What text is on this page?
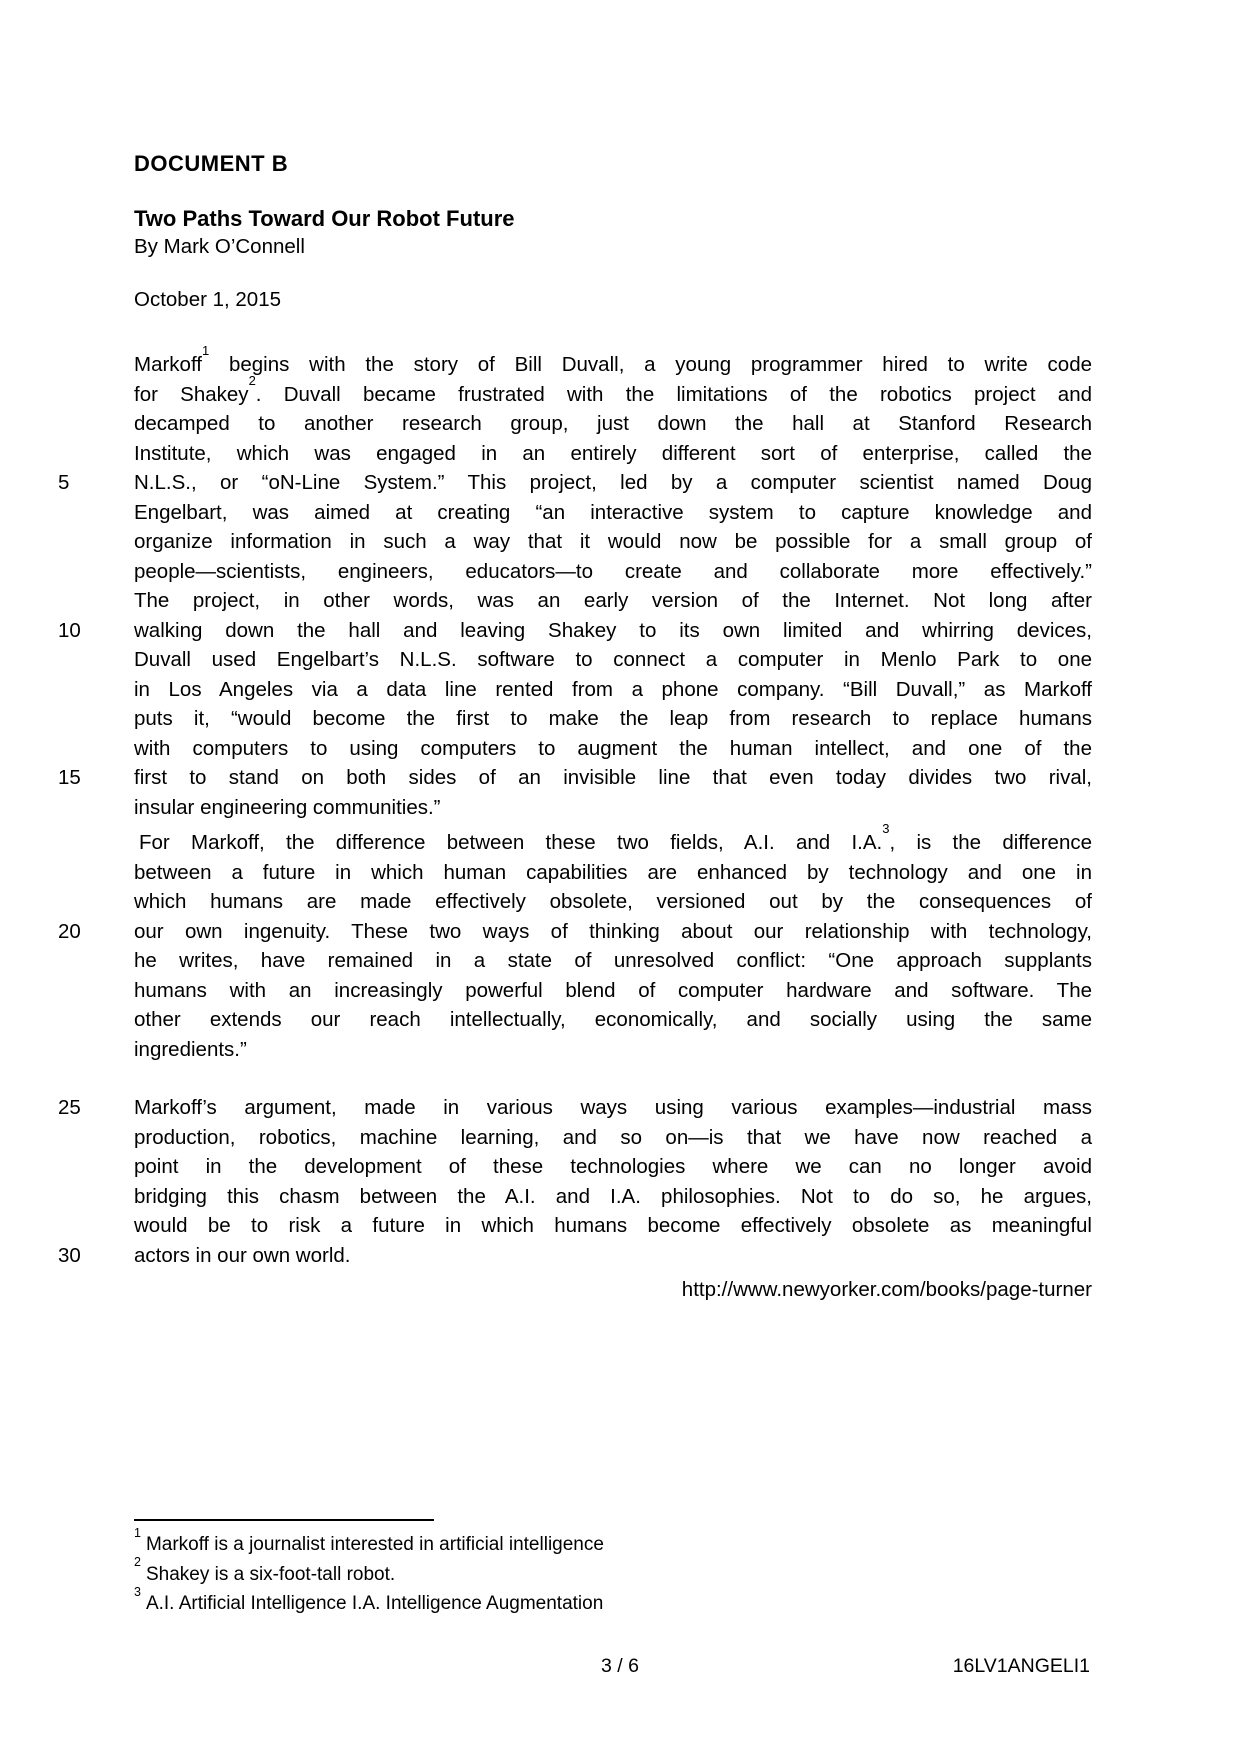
DOCUMENT B
Two Paths Toward Our Robot Future
By Mark O’Connell
October 1, 2015
Markoff$^1$ begins with the story of Bill Duvall, a young programmer hired to write code
for Shakey$^2$. Duvall became frustrated with the limitations of the robotics project and
decamped to another research group, just down the hall at Stanford Research
Institute, which was engaged in an entirely different sort of enterprise, called the
5	N.L.S., or “oN-Line System.” This project, led by a computer scientist named Doug
Engelbart, was aimed at creating “an interactive system to capture knowledge and
organize information in such a way that it would now be possible for a small group of
people—scientists, engineers, educators—to create and collaborate more effectively.”
The project, in other words, was an early version of the Internet. Not long after
10	walking down the hall and leaving Shakey to its own limited and whirring devices,
Duvall used Engelbart’s N.L.S. software to connect a computer in Menlo Park to one
in Los Angeles via a data line rented from a phone company. “Bill Duvall,” as Markoff
puts it, “would become the first to make the leap from research to replace humans
with computers to using computers to augment the human intellect, and one of the
15	first to stand on both sides of an invisible line that even today divides two rival,
insular engineering communities.”
For Markoff, the difference between these two fields, A.I. and I.A.$^3$, is the difference
between a future in which human capabilities are enhanced by technology and one in
which humans are made effectively obsolete, versioned out by the consequences of
20	our own ingenuity. These two ways of thinking about our relationship with technology,
he writes, have remained in a state of unresolved conflict: “One approach supplants
humans with an increasingly powerful blend of computer hardware and software. The
other extends our reach intellectually, economically, and socially using the same
ingredients.”
25	Markoff’s argument, made in various ways using various examples—industrial mass
production, robotics, machine learning, and so on—is that we have now reached a
point in the development of these technologies where we can no longer avoid
bridging this chasm between the A.I. and I.A. philosophies. Not to do so, he argues,
would be to risk a future in which humans become effectively obsolete as meaningful
30	actors in our own world.
http://www.newyorker.com/books/page-turner
$^1$Markoff is a journalist interested in artificial intelligence
$^2$Shakey is a six-foot-tall robot.
$^3$A.I. Artificial Intelligence I.A. Intelligence Augmentation
3 / 6	16LV1ANGELI1
